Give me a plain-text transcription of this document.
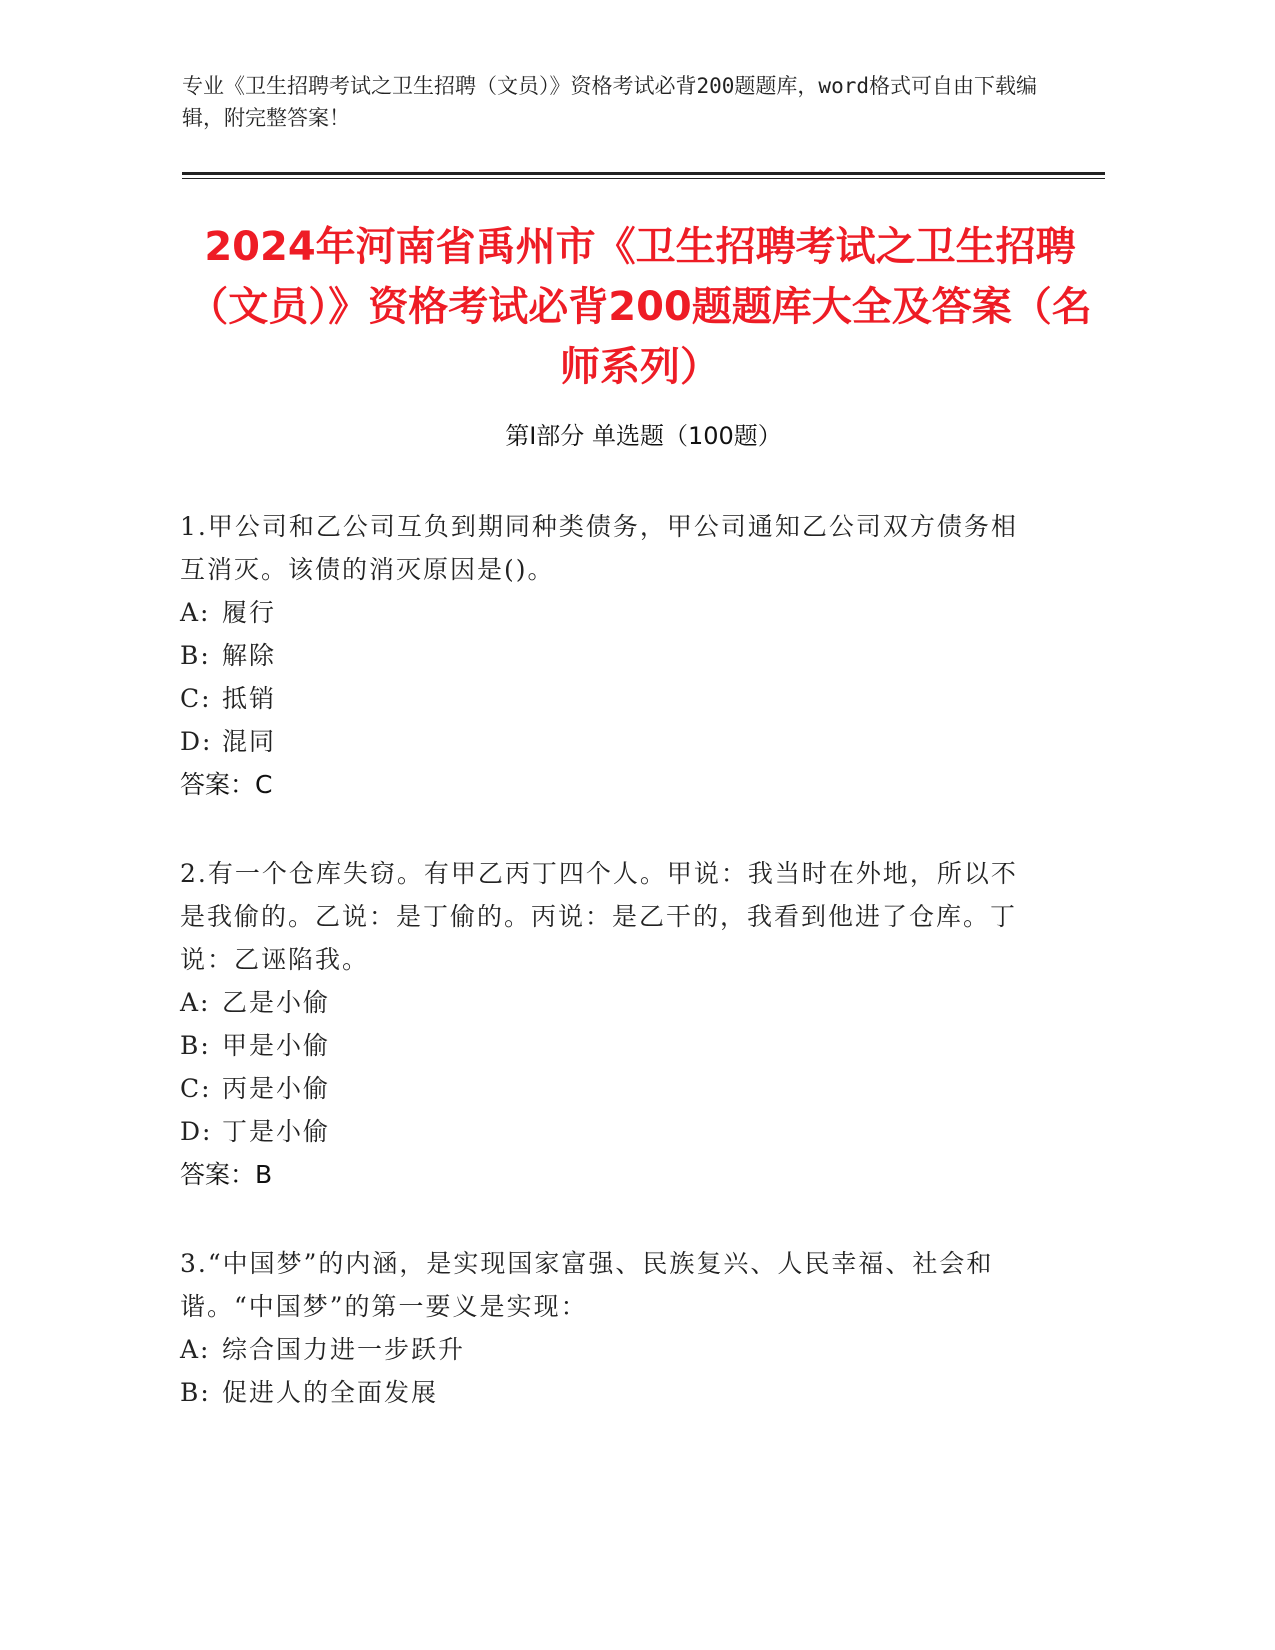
专业《卫生招聘考试之卫生招聘（文员）》资格考试必背200题题库，word格式可自由下载编辑，附完整答案！
2024年河南省禹州市《卫生招聘考试之卫生招聘（文员）》资格考试必背200题题库大全及答案（名师系列）
第Ⅰ部分 单选题（100题）

1.甲公司和乙公司互负到期同种类债务，甲公司通知乙公司双方债务相互消灭。该债的消灭原因是()。

A: 履行

B: 解除

C: 抵销

D: 混同

答案：C

2.有一个仓库失窃。有甲乙丙丁四个人。甲说：我当时在外地，所以不是我偷的。乙说：是丁偷的。丙说：是乙干的，我看到他进了仓库。丁说：乙诬陷我。

A: 乙是小偷

B: 甲是小偷

C: 丙是小偷

D: 丁是小偷

答案：B

3.“中国梦”的内涵，是实现国家富强、民族复兴、人民幸福、社会和谐。“中国梦”的第一要义是实现：

A: 综合国力进一步跃升

B: 促进人的全面发展
